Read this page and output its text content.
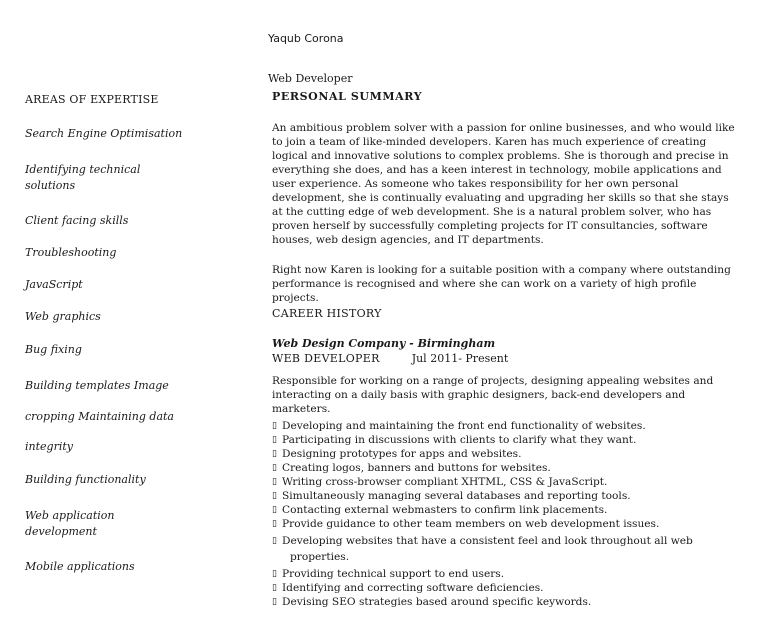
Yaqub Corona
Web Developer
AREAS OF EXPERTISE
Search Engine Optimisation
Identifying technical solutions
Client facing skills
Troubleshooting
JavaScript
Web graphics
Bug fixing
Building templates Image
cropping Maintaining data
integrity
Building functionality
Web application development
Mobile applications
PERSONAL SUMMARY
An ambitious problem solver with a passion for online businesses, and who would like to join a team of like-minded developers. Karen has much experience of creating logical and innovative solutions to complex problems. She is thorough and precise in everything she does, and has a keen interest in technology, mobile applications and user experience. As someone who takes responsibility for her own personal development, she is continually evaluating and upgrading her skills so that she stays at the cutting edge of web development. She is a natural problem solver, who has proven herself by successfully completing projects for IT consultancies, software houses, web design agencies, and IT departments.
Right now Karen is looking for a suitable position with a company where outstanding performance is recognised and where she can work on a variety of high profile projects.
CAREER HISTORY
Web Design Company - Birmingham
WEB DEVELOPER	Jul 2011- Present
Responsible for working on a range of projects, designing appealing websites and interacting on a daily basis with graphic designers, back-end developers and marketers.
▯ Developing and maintaining the front end functionality of websites.
▯ Participating in discussions with clients to clarify what they want.
▯ Designing prototypes for apps and websites.
▯ Creating logos, banners and buttons for websites.
▯ Writing cross-browser compliant XHTML, CSS & JavaScript.
▯ Simultaneously managing several databases and reporting tools.
▯ Contacting external webmasters to confirm link placements.
▯ Provide guidance to other team members on web development issues.
▯ Developing websites that have a consistent feel and look throughout all web
properties.
▯ Providing technical support to end users.
▯ Identifying and correcting software deficiencies.
▯ Devising SEO strategies based around specific keywords.
